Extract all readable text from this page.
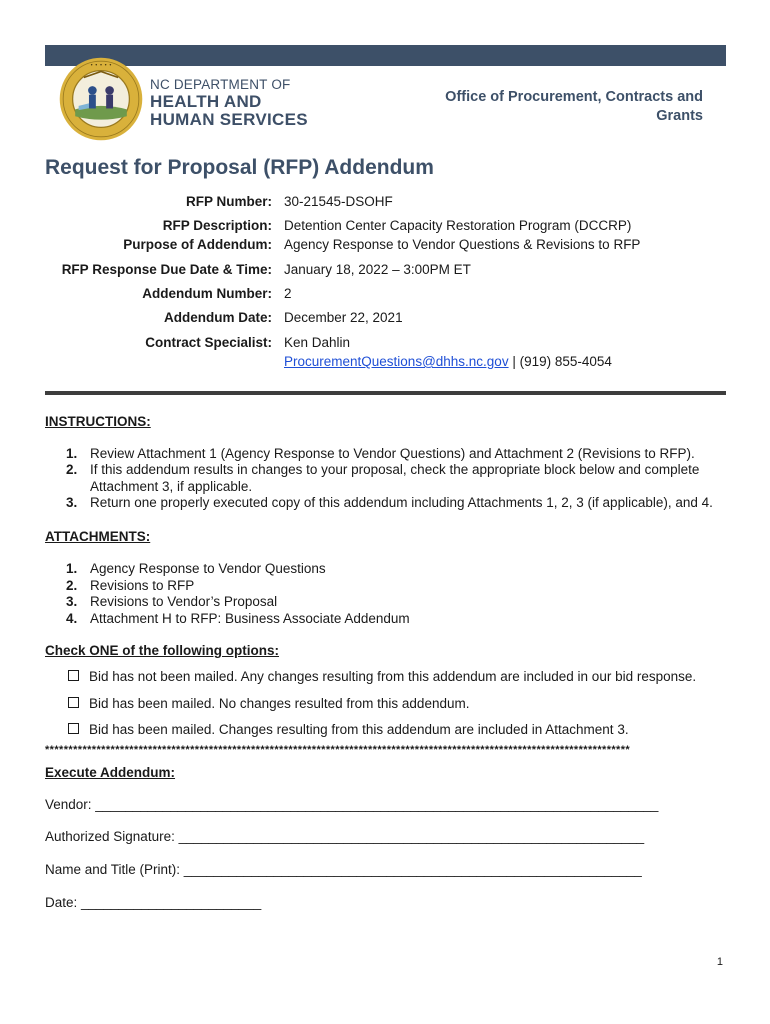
• • • • •
NC DEPARTMENT OF
HEALTH AND
HUMAN SERVICES
Office of Procurement, Contracts and
Grants
Request for Proposal (RFP) Addendum
RFP Number: 30-21545-DSOHF
RFP Description: Detention Center Capacity Restoration Program (DCCRP)
Purpose of Addendum: Agency Response to Vendor Questions & Revisions to RFP
RFP Response Due Date & Time: January 18, 2022 – 3:00PM ET
Addendum Number: 2
Addendum Date: December 22, 2021
Contract Specialist: Ken Dahlin
ProcurementQuestions@dhhs.nc.gov | (919) 855-4054
INSTRUCTIONS:
1. Review Attachment 1 (Agency Response to Vendor Questions) and Attachment 2 (Revisions to RFP).
2. If this addendum results in changes to your proposal, check the appropriate block below and complete
Attachment 3, if applicable.
3. Return one properly executed copy of this addendum including Attachments 1, 2, 3 (if applicable), and 4.
ATTACHMENTS:
1. Agency Response to Vendor Questions
2. Revisions to RFP
3. Revisions to Vendor’s Proposal
4. Attachment H to RFP: Business Associate Addendum
Check ONE of the following options:
Bid has not been mailed. Any changes resulting from this addendum are included in our bid response.
Bid has been mailed. No changes resulted from this addendum.
Bid has been mailed. Changes resulting from this addendum are included in Attachment 3.
*****************************************************************************************************************************
Execute Addendum:
Vendor: ___________________________________________________________________________
Authorized Signature: ______________________________________________________________
Name and Title (Print): _____________________________________________________________
Date: ________________________
1
